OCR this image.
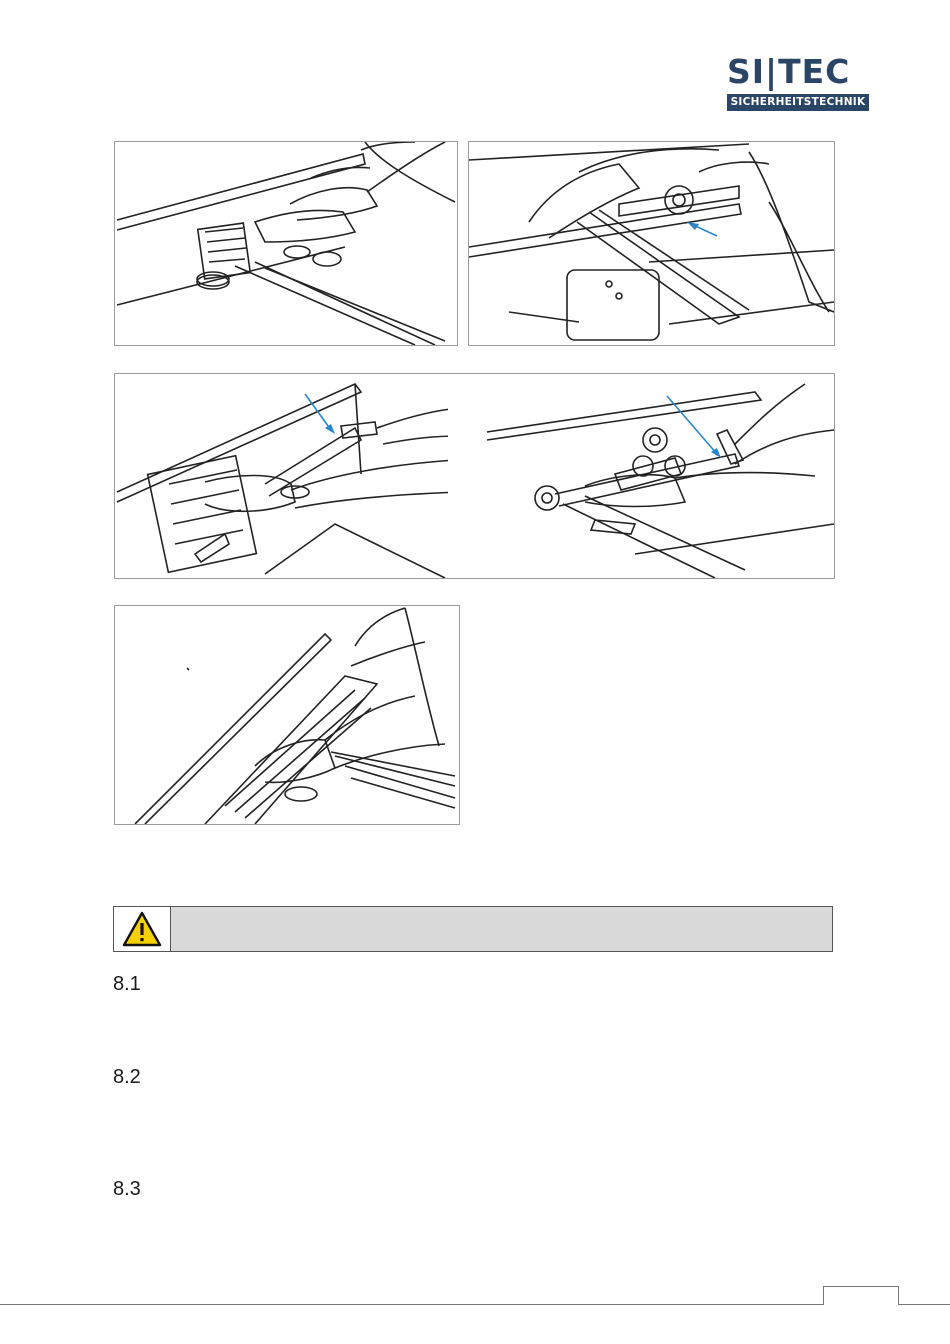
SI|TEC
SICHERHEITSTECHNIK
8.1
8.2
8.3
